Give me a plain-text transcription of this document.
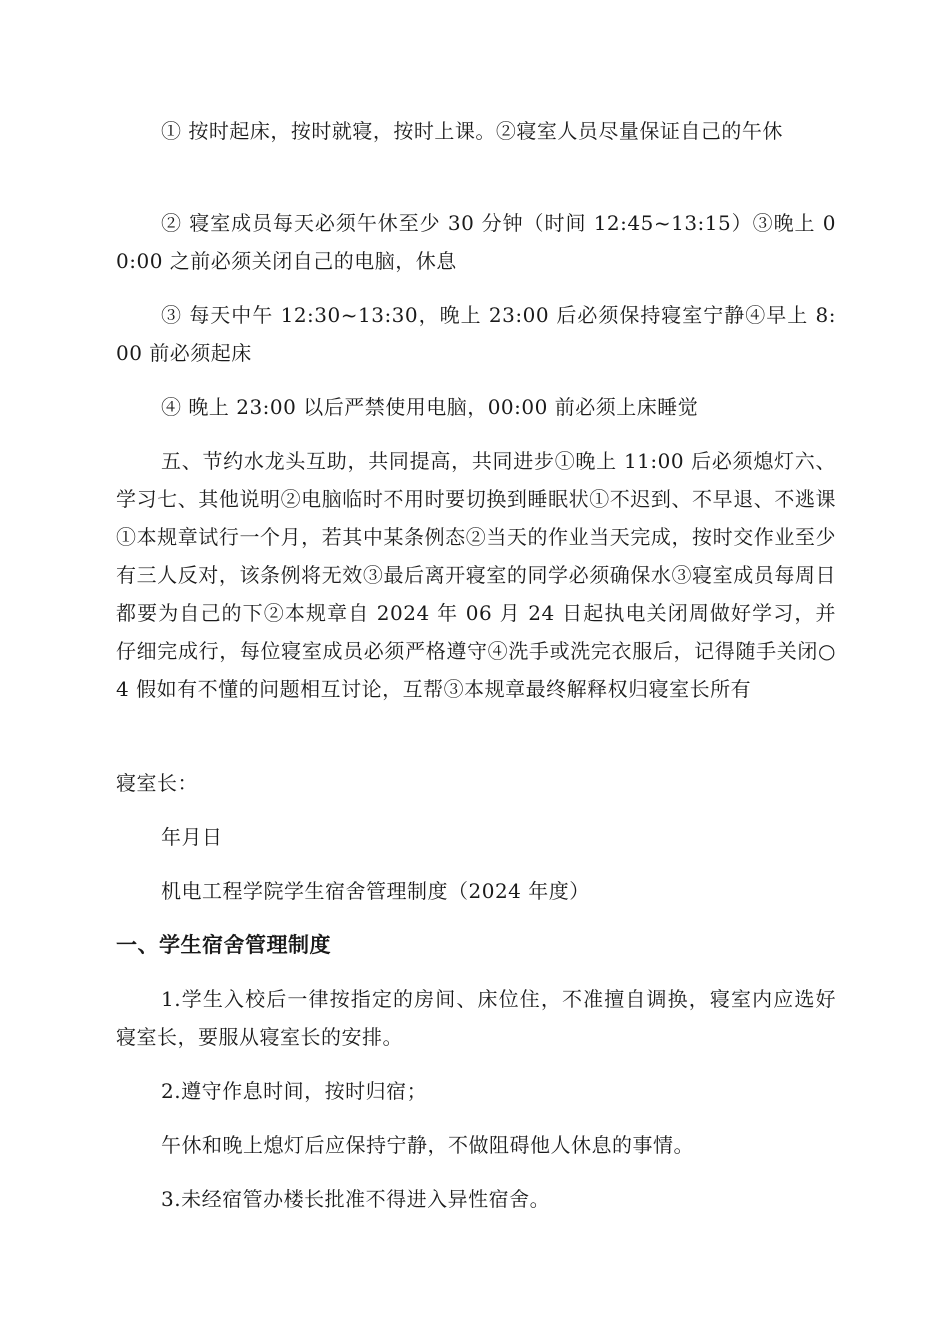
① 按时起床，按时就寝，按时上课。②寝室人员尽量保证自己的午休

② 寝室成员每天必须午休至少 30 分钟（时间 12:45~13:15）③晚上 00:00 之前必须关闭自己的电脑，休息

③ 每天中午 12:30~13:30，晚上 23:00 后必须保持寝室宁静④早上 8:00 前必须起床

④ 晚上 23:00 以后严禁使用电脑，00:00 前必须上床睡觉

五、节约水龙头互助，共同提高，共同进步①晚上 11:00 后必须熄灯六、学习七、其他说明②电脑临时不用时要切换到睡眠状①不迟到、不早退、不逃课①本规章试行一个月，若其中某条例态②当天的作业当天完成，按时交作业至少有三人反对，该条例将无效③最后离开寝室的同学必须确保水③寝室成员每周日都要为自己的下②本规章自 2024 年 06 月 24 日起执电关闭周做好学习，并仔细完成行，每位寝室成员必须严格遵守④洗手或洗完衣服后，记得随手关闭○4 假如有不懂的问题相互讨论，互帮③本规章最终解释权归寝室长所有

寝室长：

年月日

机电工程学院学生宿舍管理制度（2024 年度）

一、学生宿舍管理制度

1.学生入校后一律按指定的房间、床位住，不准擅自调换，寝室内应选好寝室长，要服从寝室长的安排。

2.遵守作息时间，按时归宿；

午休和晚上熄灯后应保持宁静，不做阻碍他人休息的事情。

3.未经宿管办楼长批准不得进入异性宿舍。
